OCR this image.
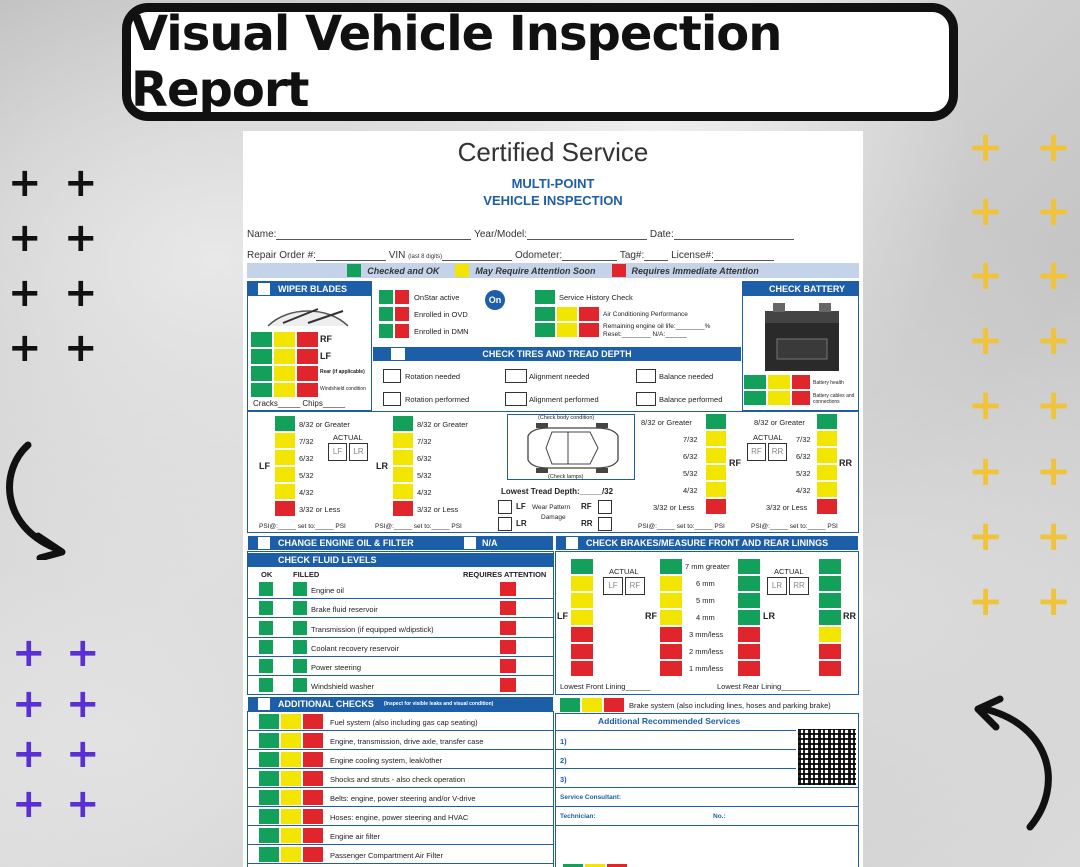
Visual Vehicle Inspection Report
+ +
+ +
+ +
+ +
+ +
+ +
+ +
+ +
+ +
+ +
+ +
+ +
+ +
+ +
+ +
+ +
Certified Service
MULTI-POINT
VEHICLE INSPECTION
Name:	Year/Model:	Date:
Repair Order #:	VIN (last 8 digits)	Odometer:	Tag#:	License#:
Checked and OK	May Require Attention Soon	Requires Immediate Attention
WIPER BLADES
RF
LF
Rear (if applicable)
Windshield condition
Cracks_____ Chips_____
OnStar active
Enrolled in OVD
Enrolled in DMN
On	Service History Check
Air Conditioning Performance
Remaining engine oil life:________%
Reset:________ N/A:______
CHECK BATTERY
Battery health
Battery cables and connections
CHECK TIRES AND TREAD DEPTH
Rotation needed	Alignment needed	Balance needed
Rotation performed	Alignment performed	Balance performed
LF
8/32 or Greater
7/32
6/32
5/32
4/32
3/32 or Less
ACTUAL
LF	LR
LR
8/32 or Greater
7/32
6/32
5/32
4/32
3/32 or Less
(Check body condition)
(Check lamps)
Lowest Tread Depth:_____/32
LF Wear Pattern
Damage
RF
LR	RR
8/32 or Greater
7/32
6/32
5/32
4/32
3/32 or Less
RF
8/32 or Greater
ACTUAL
RF	RR
7/32
6/32
5/32
4/32
3/32 or Less
RR
PSI@:_____ set to:_____ PSI	PSI@:_____ set to:_____ PSI	PSI@:_____ set to:_____ PSI	PSI@:_____ set to:_____ PSI
CHANGE ENGINE OIL & FILTER	N/A
CHECK FLUID LEVELS
OK	FILLED	REQUIRES ATTENTION
Engine oil
Brake fluid reservoir
Transmission (if equipped w/dipstick)
Coolant recovery reservoir
Power steering
Windshield washer
CHECK BRAKES/MEASURE FRONT AND REAR LININGS
LF
ACTUAL
LF	RF
RF
7 mm greater
6 mm
5 mm
4 mm
3 mm/less
2 mm/less
1 mm/less
LR
ACTUAL
LR	RR
RR
Lowest Front Lining______	Lowest Rear Lining_______
Brake system (also including lines, hoses and parking brake)
ADDITIONAL CHECKS (Inspect for visible leaks and visual condition)
Fuel system (also including gas cap seating)
Engine, transmission, drive axle, transfer case
Engine cooling system, leak/other
Shocks and struts - also check operation
Belts: engine, power steering and/or V-drive
Hoses: engine, power steering and HVAC
Engine air filter
Passenger Compartment Air Filter
Additional Recommended Services
1)
2)
3)
Service Consultant:
Technician:	No.:
